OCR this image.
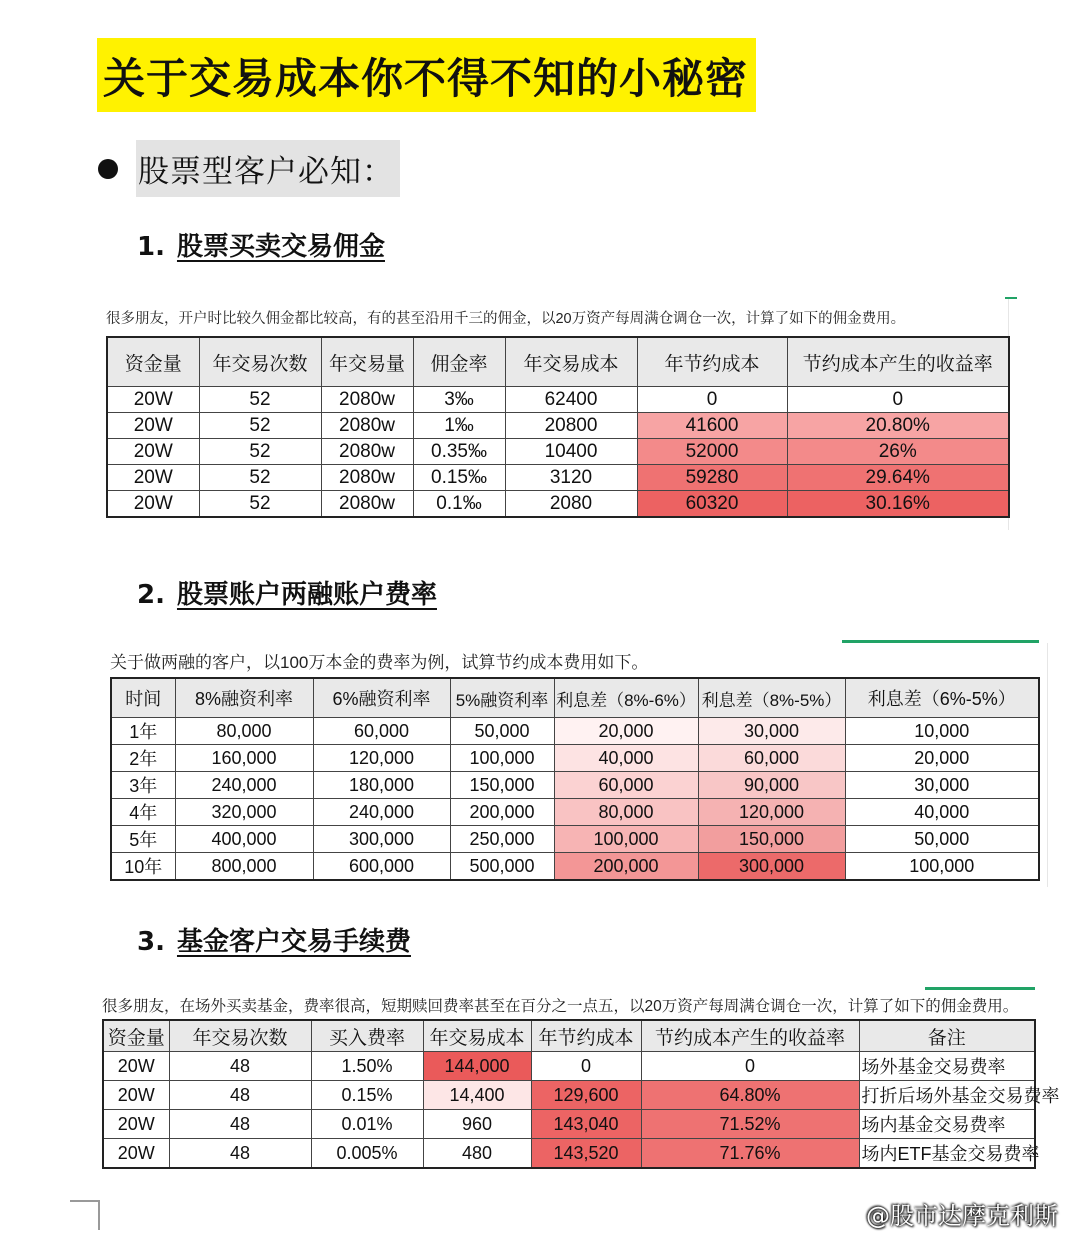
关于交易成本你不得不知的小秘密
股票型客户必知：
1. 股票买卖交易佣金
很多朋友，开户时比较久佣金都比较高，有的甚至沿用千三的佣金，以20万资产每周满仓调仓一次，计算了如下的佣金费用。
资金量	年交易次数	年交易量	佣金率	年交易成本	年节约成本	节约成本产生的收益率
20W	52	2080w	3‰	62400	0	0
20W	52	2080w	1‰	20800	41600	20.80%
20W	52	2080w	0.35‰	10400	52000	26%
20W	52	2080w	0.15‰	3120	59280	29.64%
20W	52	2080w	0.1‰	2080	60320	30.16%
2. 股票账户两融账户费率
关于做两融的客户，以100万本金的费率为例，试算节约成本费用如下。
时间	8%融资利率	6%融资利率	5%融资利率	利息差（8%-6%）	利息差（8%-5%）	利息差（6%-5%）
1年	80,000	60,000	50,000	20,000	30,000	10,000
2年	160,000	120,000	100,000	40,000	60,000	20,000
3年	240,000	180,000	150,000	60,000	90,000	30,000
4年	320,000	240,000	200,000	80,000	120,000	40,000
5年	400,000	300,000	250,000	100,000	150,000	50,000
10年	800,000	600,000	500,000	200,000	300,000	100,000
3. 基金客户交易手续费
很多朋友，在场外买卖基金，费率很高，短期赎回费率甚至在百分之一点五，以20万资产每周满仓调仓一次，计算了如下的佣金费用。
资金量	年交易次数	买入费率	年交易成本	年节约成本	节约成本产生的收益率	备注
20W	48	1.50%	144,000	0	0	场外基金交易费率
20W	48	0.15%	14,400	129,600	64.80%	打折后场外基金交易费率
20W	48	0.01%	960	143,040	71.52%	场内基金交易费率
20W	48	0.005%	480	143,520	71.76%	场内ETF基金交易费率
@股市达摩克利斯
